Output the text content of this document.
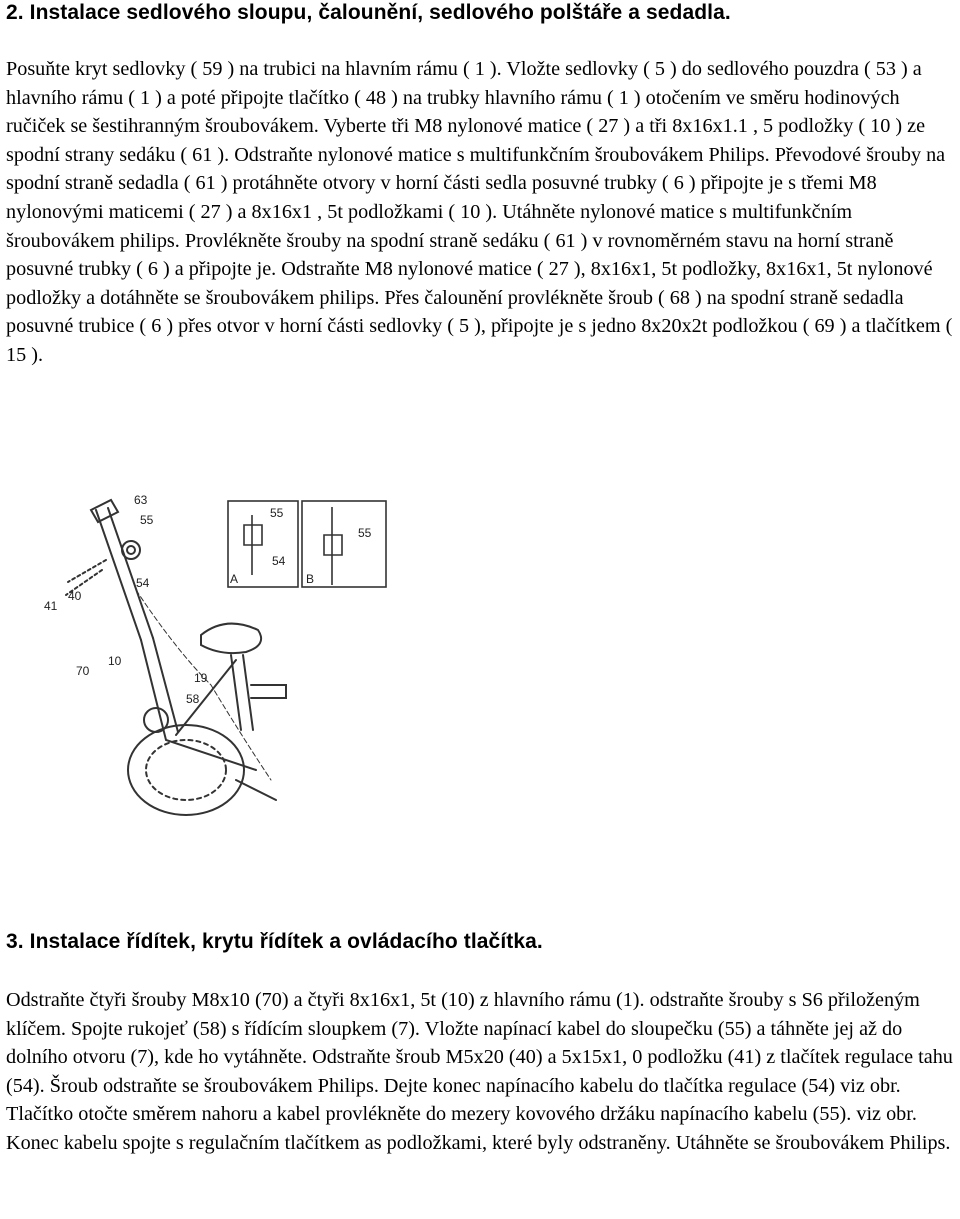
2. Instalace sedlového sloupu, čalounění, sedlového polštáře a sedadla.

Posuňte kryt sedlovky ( 59 ) na trubici na hlavním rámu ( 1 ). Vložte sedlovky ( 5 ) do sedlového pouzdra ( 53 ) a hlavního rámu ( 1 ) a poté připojte tlačítko ( 48 ) na trubky hlavního rámu ( 1 ) otočením ve směru hodinových ručiček se šestihranným šroubovákem. Vyberte tři M8 nylonové matice ( 27 ) a tři 8x16x1.1 , 5 podložky ( 10 ) ze spodní strany sedáku ( 61 ). Odstraňte nylonové matice s multifunkčním šroubovákem Philips. Převodové šrouby na spodní straně sedadla ( 61 ) protáhněte otvory v horní části sedla posuvné trubky ( 6 ) připojte je s třemi M8 nylonovými maticemi ( 27 ) a 8x16x1 , 5t podložkami ( 10 ). Utáhněte nylonové matice s multifunkčním šroubovákem philips. Provlékněte šrouby na spodní straně sedáku ( 61 ) v rovnoměrném stavu na horní straně posuvné trubky ( 6 ) a připojte je. Odstraňte M8 nylonové matice ( 27 ), 8x16x1, 5t podložky, 8x16x1, 5t nylonové podložky a dotáhněte se šroubovákem philips. Přes čalounění provlékněte šroub ( 68 ) na spodní straně sedadla posuvné trubice ( 6 ) přes otvor v horní části sedlovky ( 5 ), připojte je s jedno 8x20x2t podložkou ( 69 ) a tlačítkem ( 15 ).

63
55
54
41
40
70
10
19
58
55
54
A
55
B
3. Instalace řídítek, krytu řídítek a ovládacího tlačítka.

Odstraňte čtyři šrouby M8x10 (70) a čtyři 8x16x1, 5t (10) z hlavního rámu (1). odstraňte šrouby s S6 přiloženým klíčem. Spojte rukojeť (58) s řídícím sloupkem (7). Vložte napínací kabel do sloupečku (55) a táhněte jej až do dolního otvoru (7), kde ho vytáhněte. Odstraňte šroub M5x20 (40) a 5x15x1, 0 podložku (41) z tlačítek regulace tahu (54). Šroub odstraňte se šroubovákem Philips. Dejte konec napínacího kabelu do tlačítka regulace (54) viz obr. Tlačítko otočte směrem nahoru a kabel provlékněte do mezery kovového držáku napínacího kabelu (55). viz obr. Konec kabelu spojte s regulačním tlačítkem as podložkami, které byly odstraněny. Utáhněte se šroubovákem Philips.
